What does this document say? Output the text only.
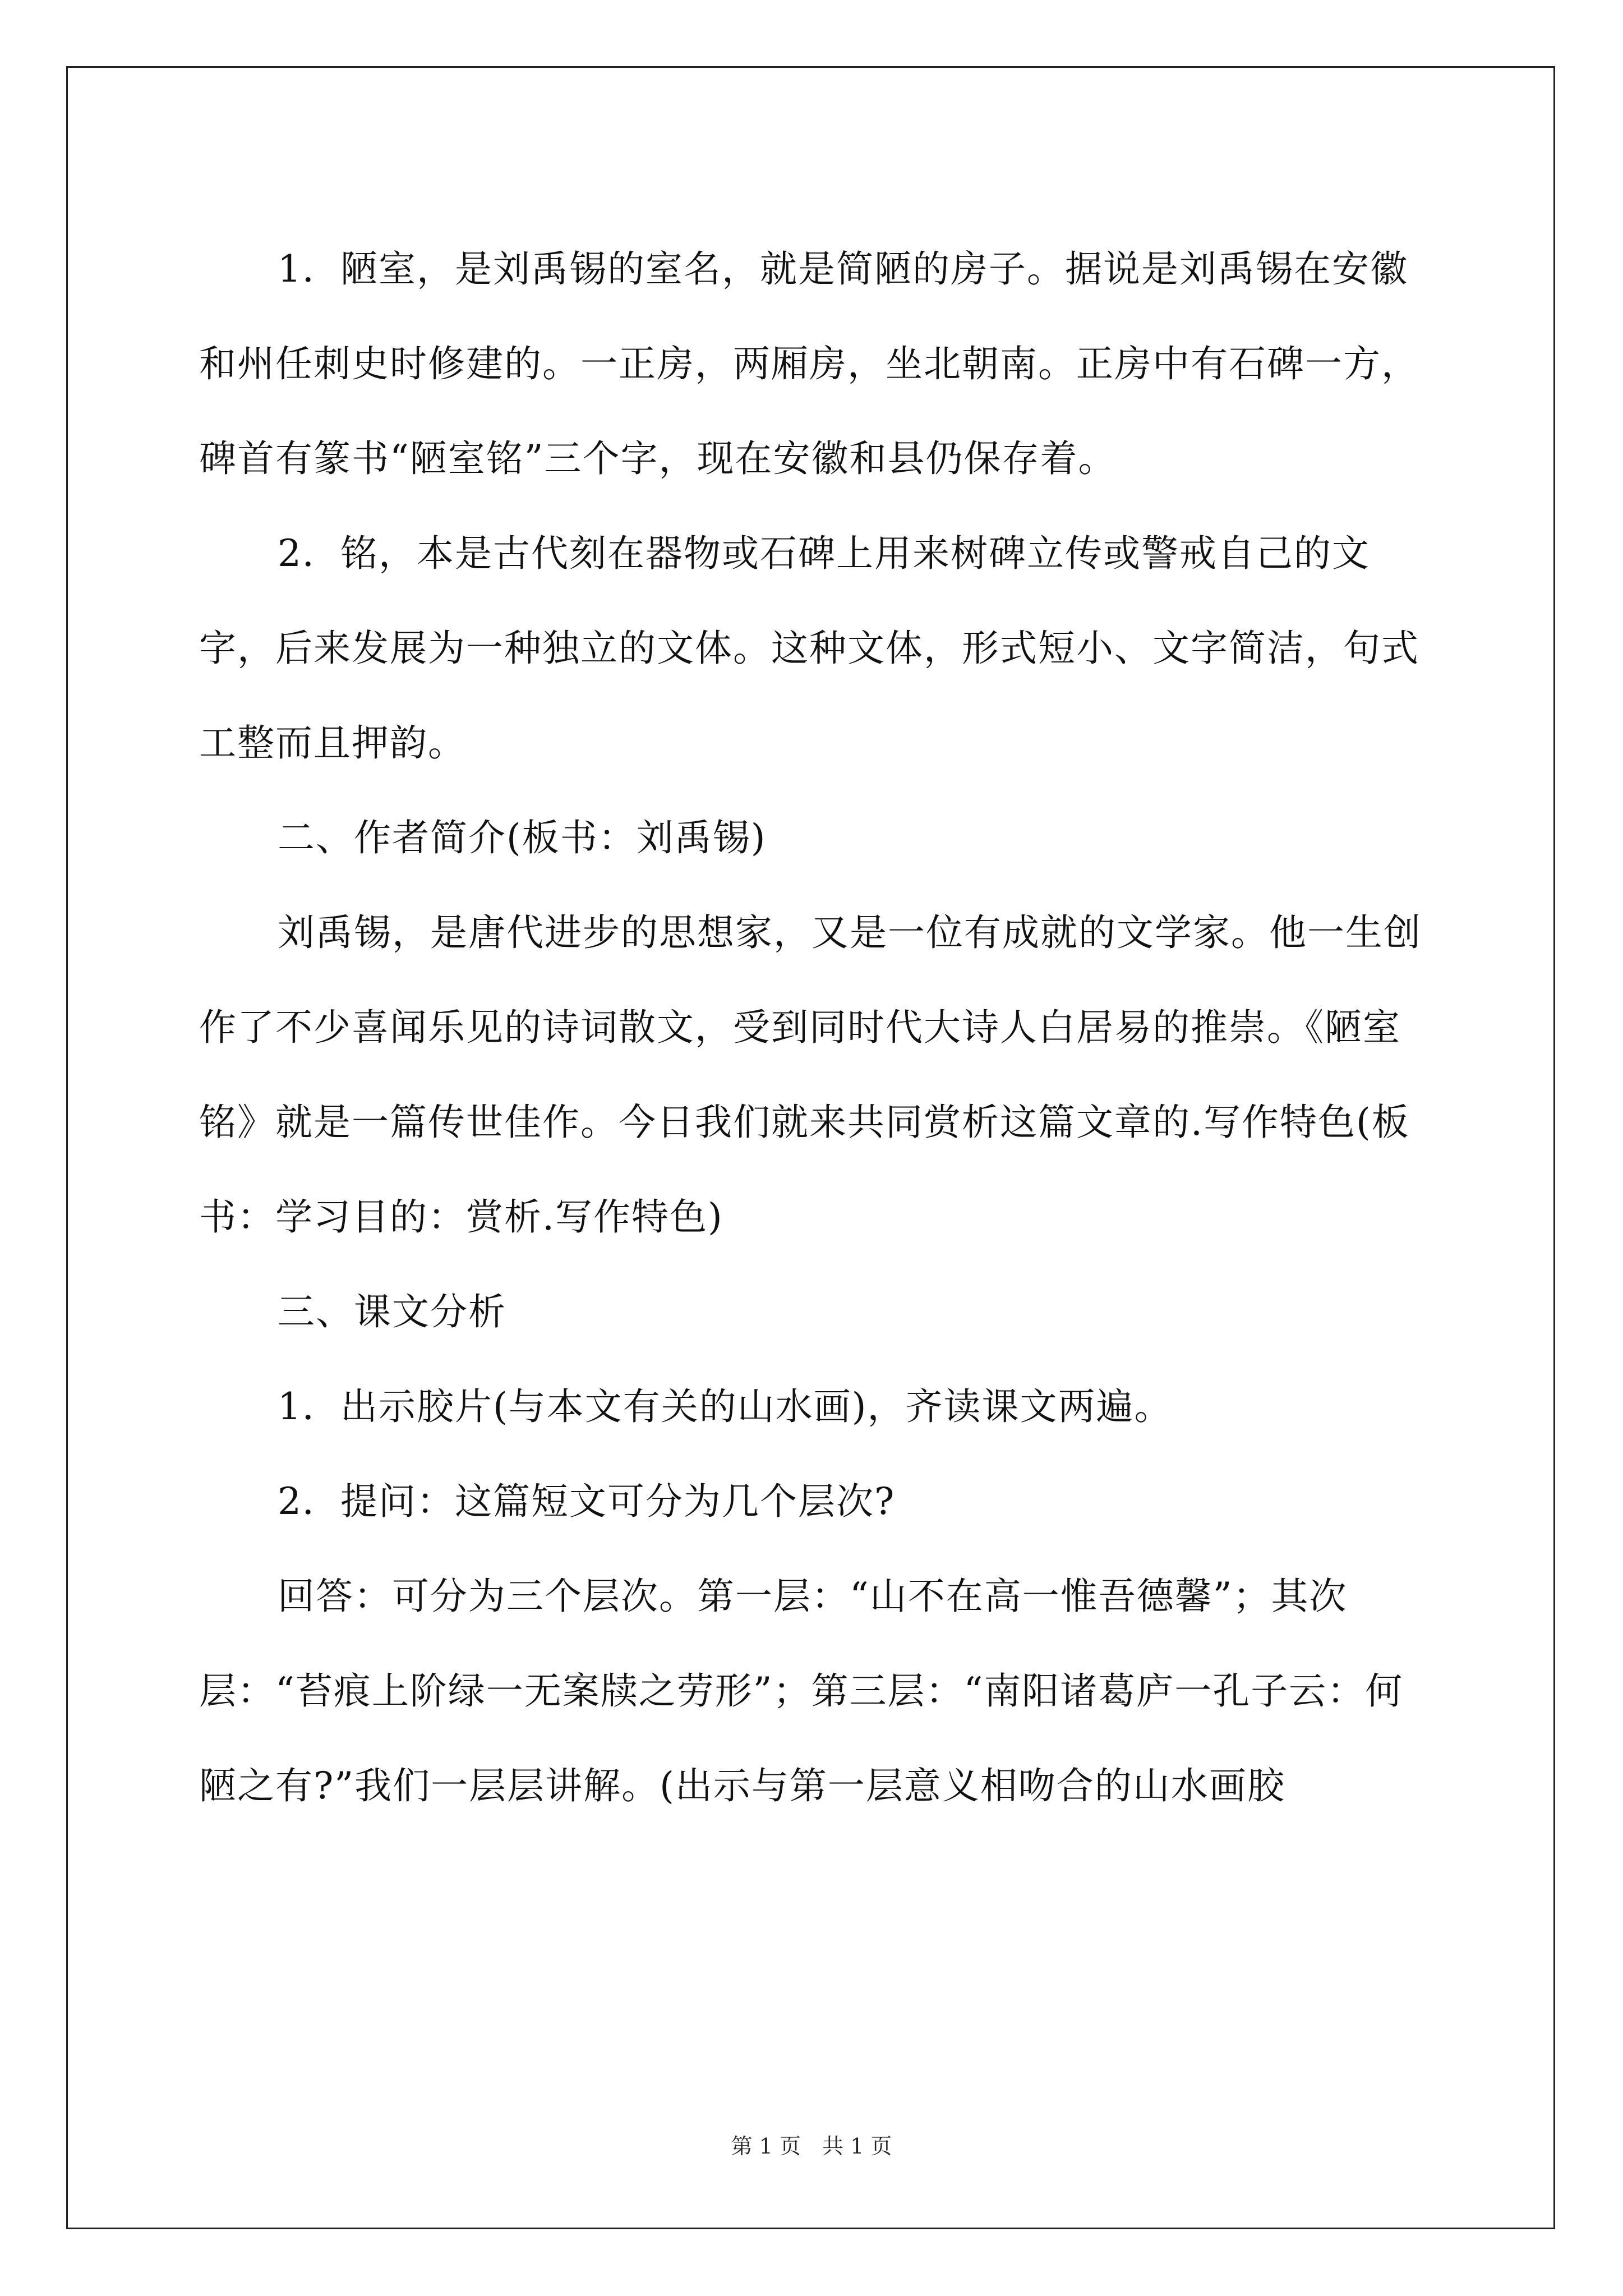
1．陋室，是刘禹锡的室名，就是简陋的房子。据说是刘禹锡在安徽和州任刺史时修建的。一正房，两厢房，坐北朝南。正房中有石碑一方，碑首有篆书“陋室铭”三个字，现在安徽和县仍保存着。

2．铭，本是古代刻在器物或石碑上用来树碑立传或警戒自己的文字，后来发展为一种独立的文体。这种文体，形式短小、文字简洁，句式工整而且押韵。

二、作者简介(板书：刘禹锡)

刘禹锡，是唐代进步的思想家，又是一位有成就的文学家。他一生创作了不少喜闻乐见的诗词散文，受到同时代大诗人白居易的推崇。《陋室铭》就是一篇传世佳作。今日我们就来共同赏析这篇文章的.写作特色(板书：学习目的：赏析.写作特色)

三、课文分析

1．出示胶片(与本文有关的山水画)，齐读课文两遍。

2．提问：这篇短文可分为几个层次?

回答：可分为三个层次。第一层：“山不在高一惟吾德馨”；其次层：“苔痕上阶绿一无案牍之劳形”；第三层：“南阳诸葛庐一孔子云：何陋之有?”我们一层层讲解。(出示与第一层意义相吻合的山水画胶

第 1 页　共 1 页
